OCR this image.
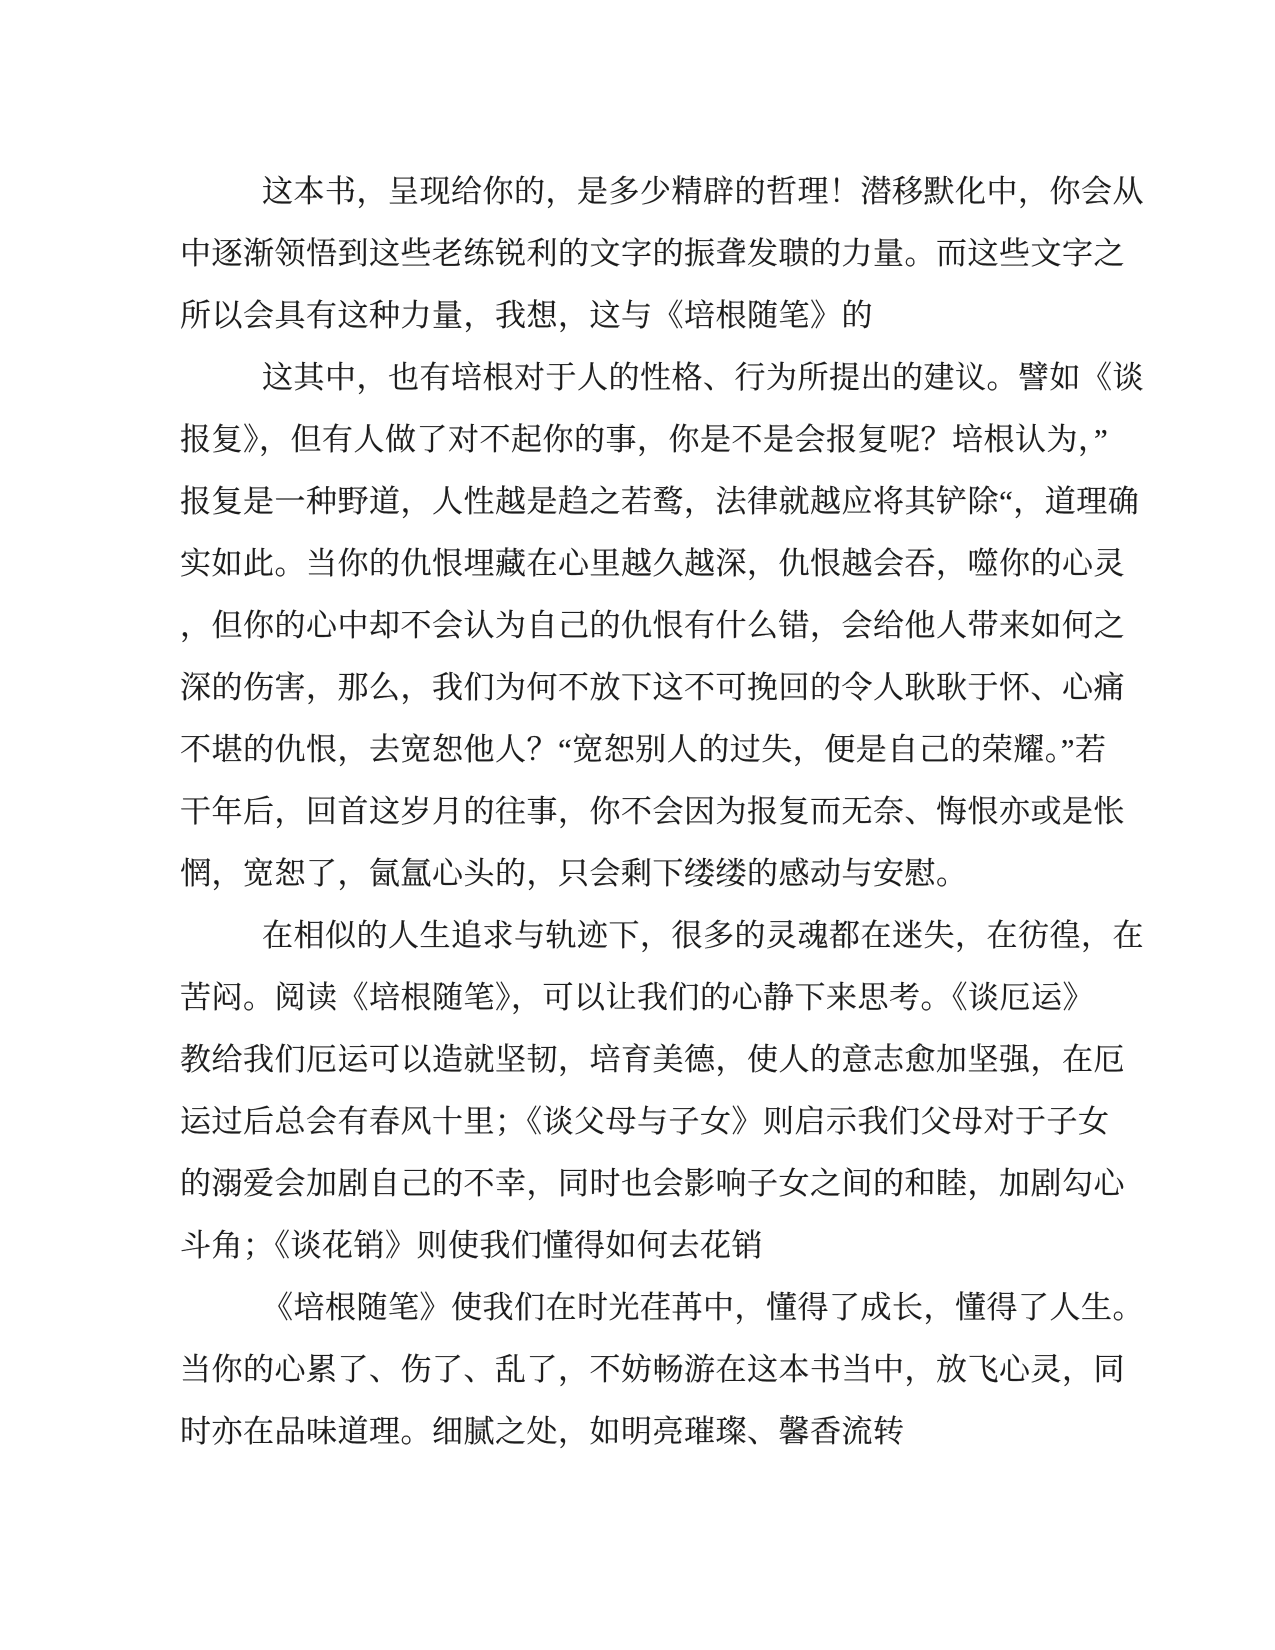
这本书，呈现给你的，是多少精辟的哲理！潜移默化中，你会从
中逐渐领悟到这些老练锐利的文字的振聋发聩的力量。而这些文字之
所以会具有这种力量，我想，这与《培根随笔》的
这其中，也有培根对于人的性格、行为所提出的建议。譬如《谈
报复》，但有人做了对不起你的事，你是不是会报复呢？培根认为，”
报复是一种野道，人性越是趋之若鹜，法律就越应将其铲除“，道理确
实如此。当你的仇恨埋藏在心里越久越深，仇恨越会吞，噬你的心灵
，但你的心中却不会认为自己的仇恨有什么错，会给他人带来如何之
深的伤害，那么，我们为何不放下这不可挽回的令人耿耿于怀、心痛
不堪的仇恨，去宽恕他人？“宽恕别人的过失，便是自己的荣耀。”若
干年后，回首这岁月的往事，你不会因为报复而无奈、悔恨亦或是怅
惘，宽恕了，氤氲心头的，只会剩下缕缕的感动与安慰。
在相似的人生追求与轨迹下，很多的灵魂都在迷失，在彷徨，在
苦闷。阅读《培根随笔》，可以让我们的心静下来思考。《谈厄运》
教给我们厄运可以造就坚韧，培育美德，使人的意志愈加坚强，在厄
运过后总会有春风十里；《谈父母与子女》则启示我们父母对于子女
的溺爱会加剧自己的不幸，同时也会影响子女之间的和睦，加剧勾心
斗角；《谈花销》则使我们懂得如何去花销
《培根随笔》使我们在时光荏苒中，懂得了成长，懂得了人生。
当你的心累了、伤了、乱了，不妨畅游在这本书当中，放飞心灵，同
时亦在品味道理。细腻之处，如明亮璀璨、馨香流转
